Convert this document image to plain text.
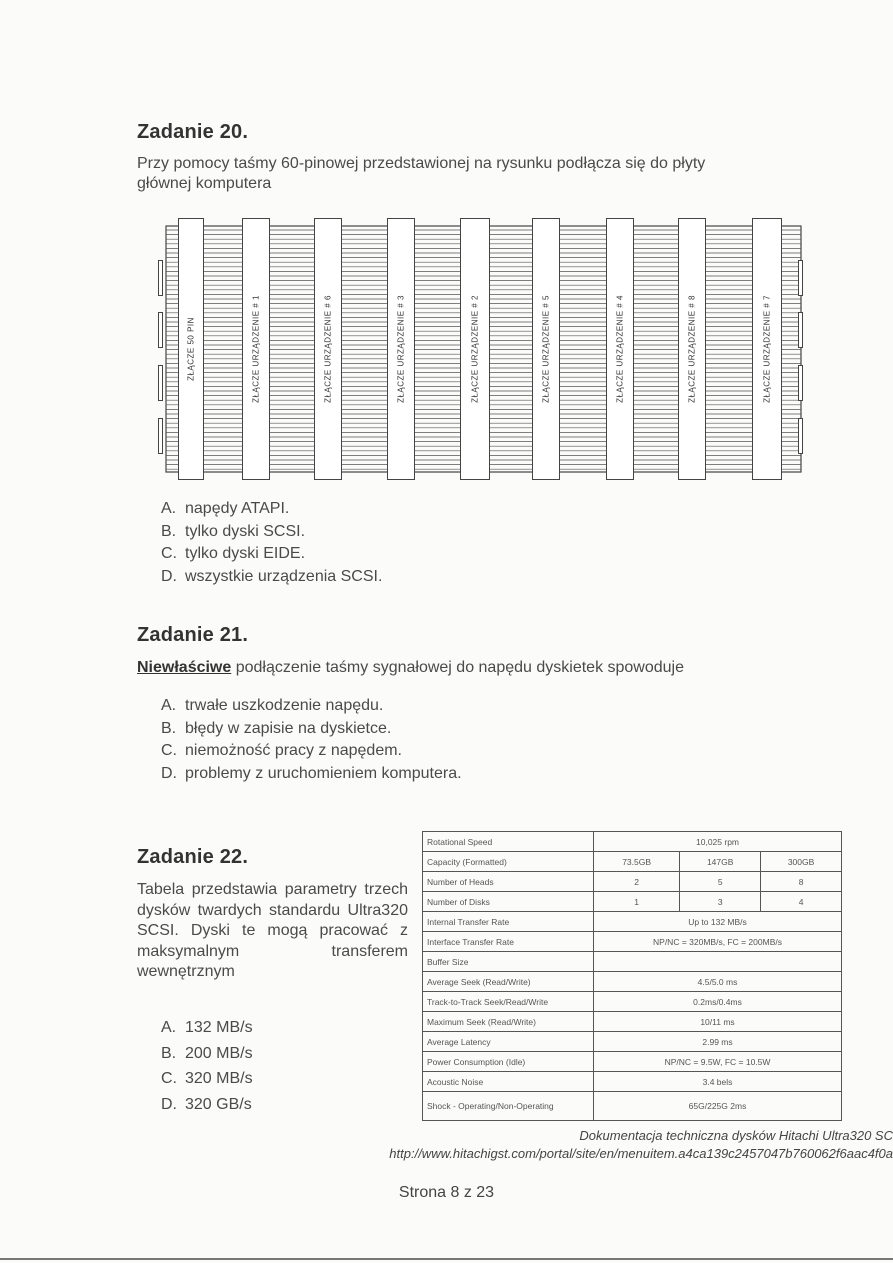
Zadanie 20.
Przy pomocy taśmy 60-pinowej przedstawionej na rysunku podłącza się do płyty
głównej komputera
ZŁĄCZE 50 PIN	ZŁĄCZE URZĄDZENIE # 1	ZŁĄCZE URZĄDZENIE # 6	ZŁĄCZE URZĄDZENIE # 3	ZŁĄCZE URZĄDZENIE # 2	ZŁĄCZE URZĄDZENIE # 5	ZŁĄCZE URZĄDZENIE # 4	ZŁĄCZE URZĄDZENIE # 8	ZŁĄCZE URZĄDZENIE # 7
A. napędy ATAPI.
B. tylko dyski SCSI.
C. tylko dyski EIDE.
D. wszystkie urządzenia SCSI.
Zadanie 21.
Niewłaściwe podłączenie taśmy sygnałowej do napędu dyskietek spowoduje
A. trwałe uszkodzenie napędu.
B. błędy w zapisie na dyskietce.
C. niemożność pracy z napędem.
D. problemy z uruchomieniem komputera.
Zadanie 22.
Tabela przedstawia parametry trzech dysków twardych standardu Ultra320 SCSI. Dyski te mogą pracować z maksymalnym transferem wewnętrznym
A. 132 MB/s
B. 200 MB/s
C. 320 MB/s
D. 320 GB/s
Rotational Speed	10,025 rpm		
Capacity (Formatted)	73.5GB	147GB	300GB
Number of Heads	2	5	8
Number of Disks	1	3	4
Internal Transfer Rate	Up to 132 MB/s		
Interface Transfer Rate	NP/NC = 320MB/s, FC = 200MB/s		
Buffer Size			
Average Seek (Read/Write)	4.5/5.0 ms		
Track-to-Track Seek/Read/Write	0.2ms/0.4ms		
Maximum Seek (Read/Write)	10/11 ms		
Average Latency	2.99 ms		
Power Consumption (Idle)	NP/NC = 9.5W, FC = 10.5W		
Acoustic Noise	3.4 bels		
Shock - Operating/Non-Operating	65G/225G 2ms		
Dokumentacja techniczna dysków Hitachi Ultra320 SC
http://www.hitachigst.com/portal/site/en/menuitem.a4ca139c2457047b760062f6aac4f0a
Strona 8 z 23
